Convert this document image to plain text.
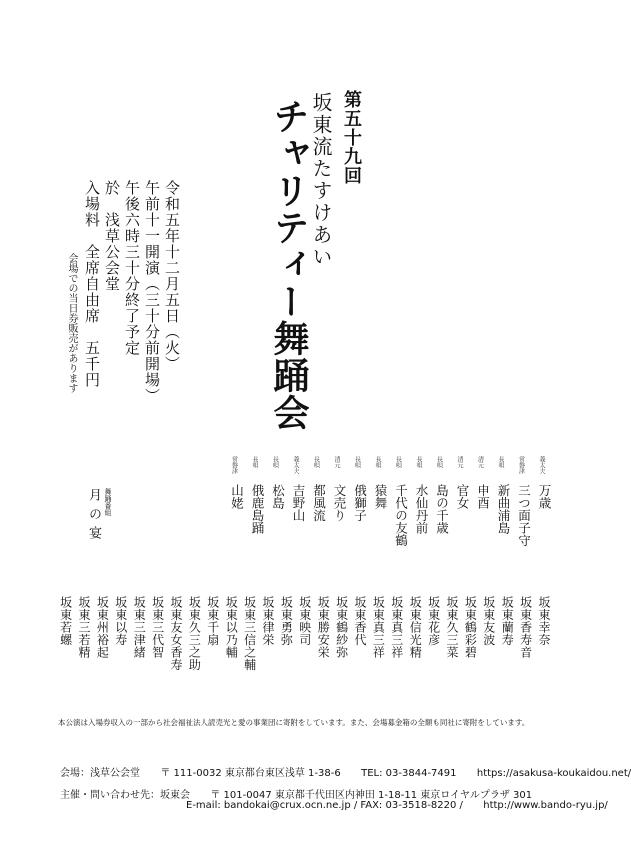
第五十九回
坂東流たすけあい
チャリティー舞踊会
令和五年十二月五日（火）
午前十一開演（三十分前開場）
午後六時三十分終了予定
於　浅草公会堂
入場料　全席自由席　五千円
会場での当日券販売があります
義太夫
万歳
常磐津
三つ面子守
長唄
新曲浦島
清元
申酉
清元
官女
長唄
島の千歳
長唄
水仙丹前
長唄
千代の友鶴
長唄
猿舞
長唄
俄獅子
清元
文売り
長唄
都風流
義太夫
吉野山
長唄
松島
長唄
俄鹿島踊
常磐津
山姥
舞踊番組
月の宴
坂東幸奈
坂東香寿音
坂東蘭寿
坂東友波
坂東鶴彩碧
坂東久三菜
坂東花彦
坂東信光精
坂東真三祥
坂東真三祥
坂東香代
坂東鶴紗弥
坂東勝安栄
坂東映司
坂東勇弥
坂東律栄
坂東三信之輔
坂東以乃輔
坂東千扇
坂東久三之助
坂東友女香寿
坂東三代智
坂東三津緒
坂東以寿
坂東州裕起
坂東三若精
坂東若螺
本公演は入場券収入の一部から社会福祉法人読売光と愛の事業団に寄附をしています。また、会場募金箱の全額も同社に寄附をしています。
会場：浅草公会堂 〒 111-0032 東京都台東区浅草 1-38-6 TEL: 03-3844-7491 https://asakusa-koukaidou.net/
主催・問い合わせ先：坂東会 〒 101-0047 東京都千代田区内神田 1-18-11 東京ロイヤルプラザ 301
E-mail: bandokai@crux.ocn.ne.jp / FAX: 03-3518-8220 / http://www.bando-ryu.jp/
